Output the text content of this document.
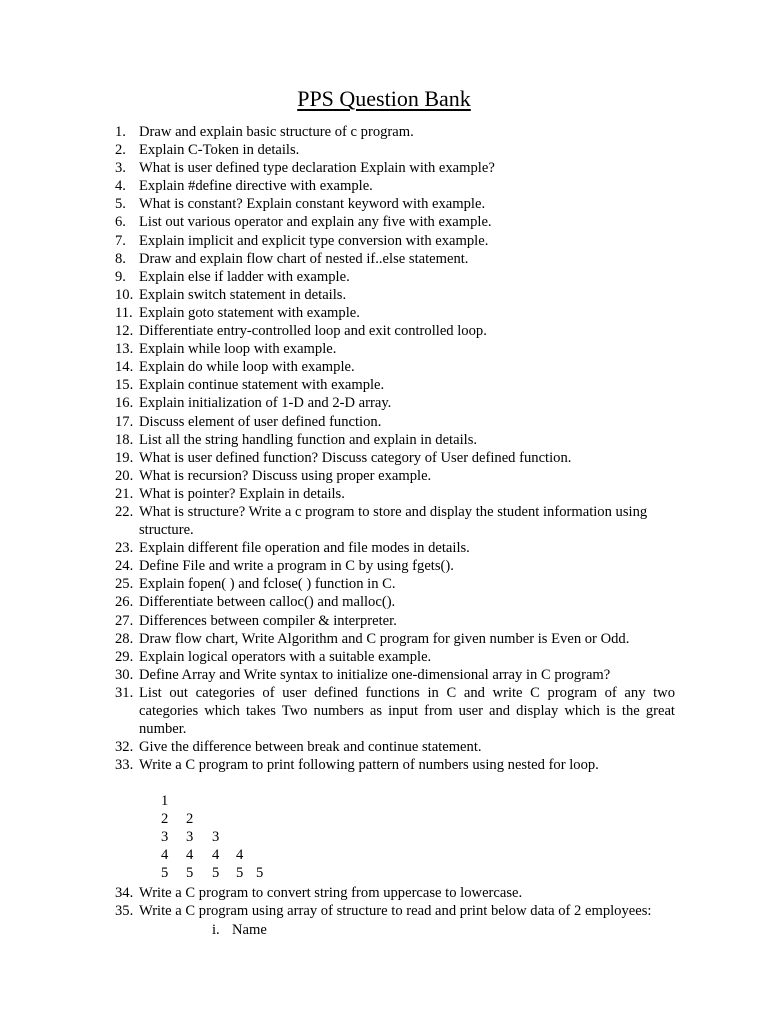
PPS Question Bank
1. Draw and explain basic structure of c program.
2. Explain C-Token in details.
3. What is user defined type declaration Explain with example?
4. Explain #define directive with example.
5. What is constant? Explain constant keyword with example.
6. List out various operator and explain any five with example.
7. Explain implicit and explicit type conversion with example.
8. Draw and explain flow chart of nested if..else statement.
9. Explain else if ladder with example.
10. Explain switch statement in details.
11. Explain goto statement with example.
12. Differentiate entry-controlled loop and exit controlled loop.
13. Explain while loop with example.
14. Explain do while loop with example.
15. Explain continue statement with example.
16. Explain initialization of 1-D and 2-D array.
17. Discuss element of user defined function.
18. List all the string handling function and explain in details.
19. What is user defined function? Discuss category of User defined function.
20. What is recursion? Discuss using proper example.
21. What is pointer? Explain in details.
22. What is structure? Write a c program to store and display the student information using structure.
23. Explain different file operation and file modes in details.
24. Define File and write a program in C by using fgets().
25. Explain fopen( ) and fclose( ) function in C.
26. Differentiate between calloc() and malloc().
27. Differences between compiler & interpreter.
28. Draw flow chart, Write Algorithm and C program for given number is Even or Odd.
29. Explain logical operators with a suitable example.
30. Define Array and Write syntax to initialize one-dimensional array in C program?
31. List out categories of user defined functions in C and write C program of any two categories which takes Two numbers as input from user and display which is the great number.
32. Give the difference between break and continue statement.
33. Write a C program to print following pattern of numbers using nested for loop.
1
2 2
3 3 3
4 4 4 4
5 5 5 5 5
34. Write a C program to convert string from uppercase to lowercase.
35. Write a C program using array of structure to read and print below data of 2 employees:
i. Name
